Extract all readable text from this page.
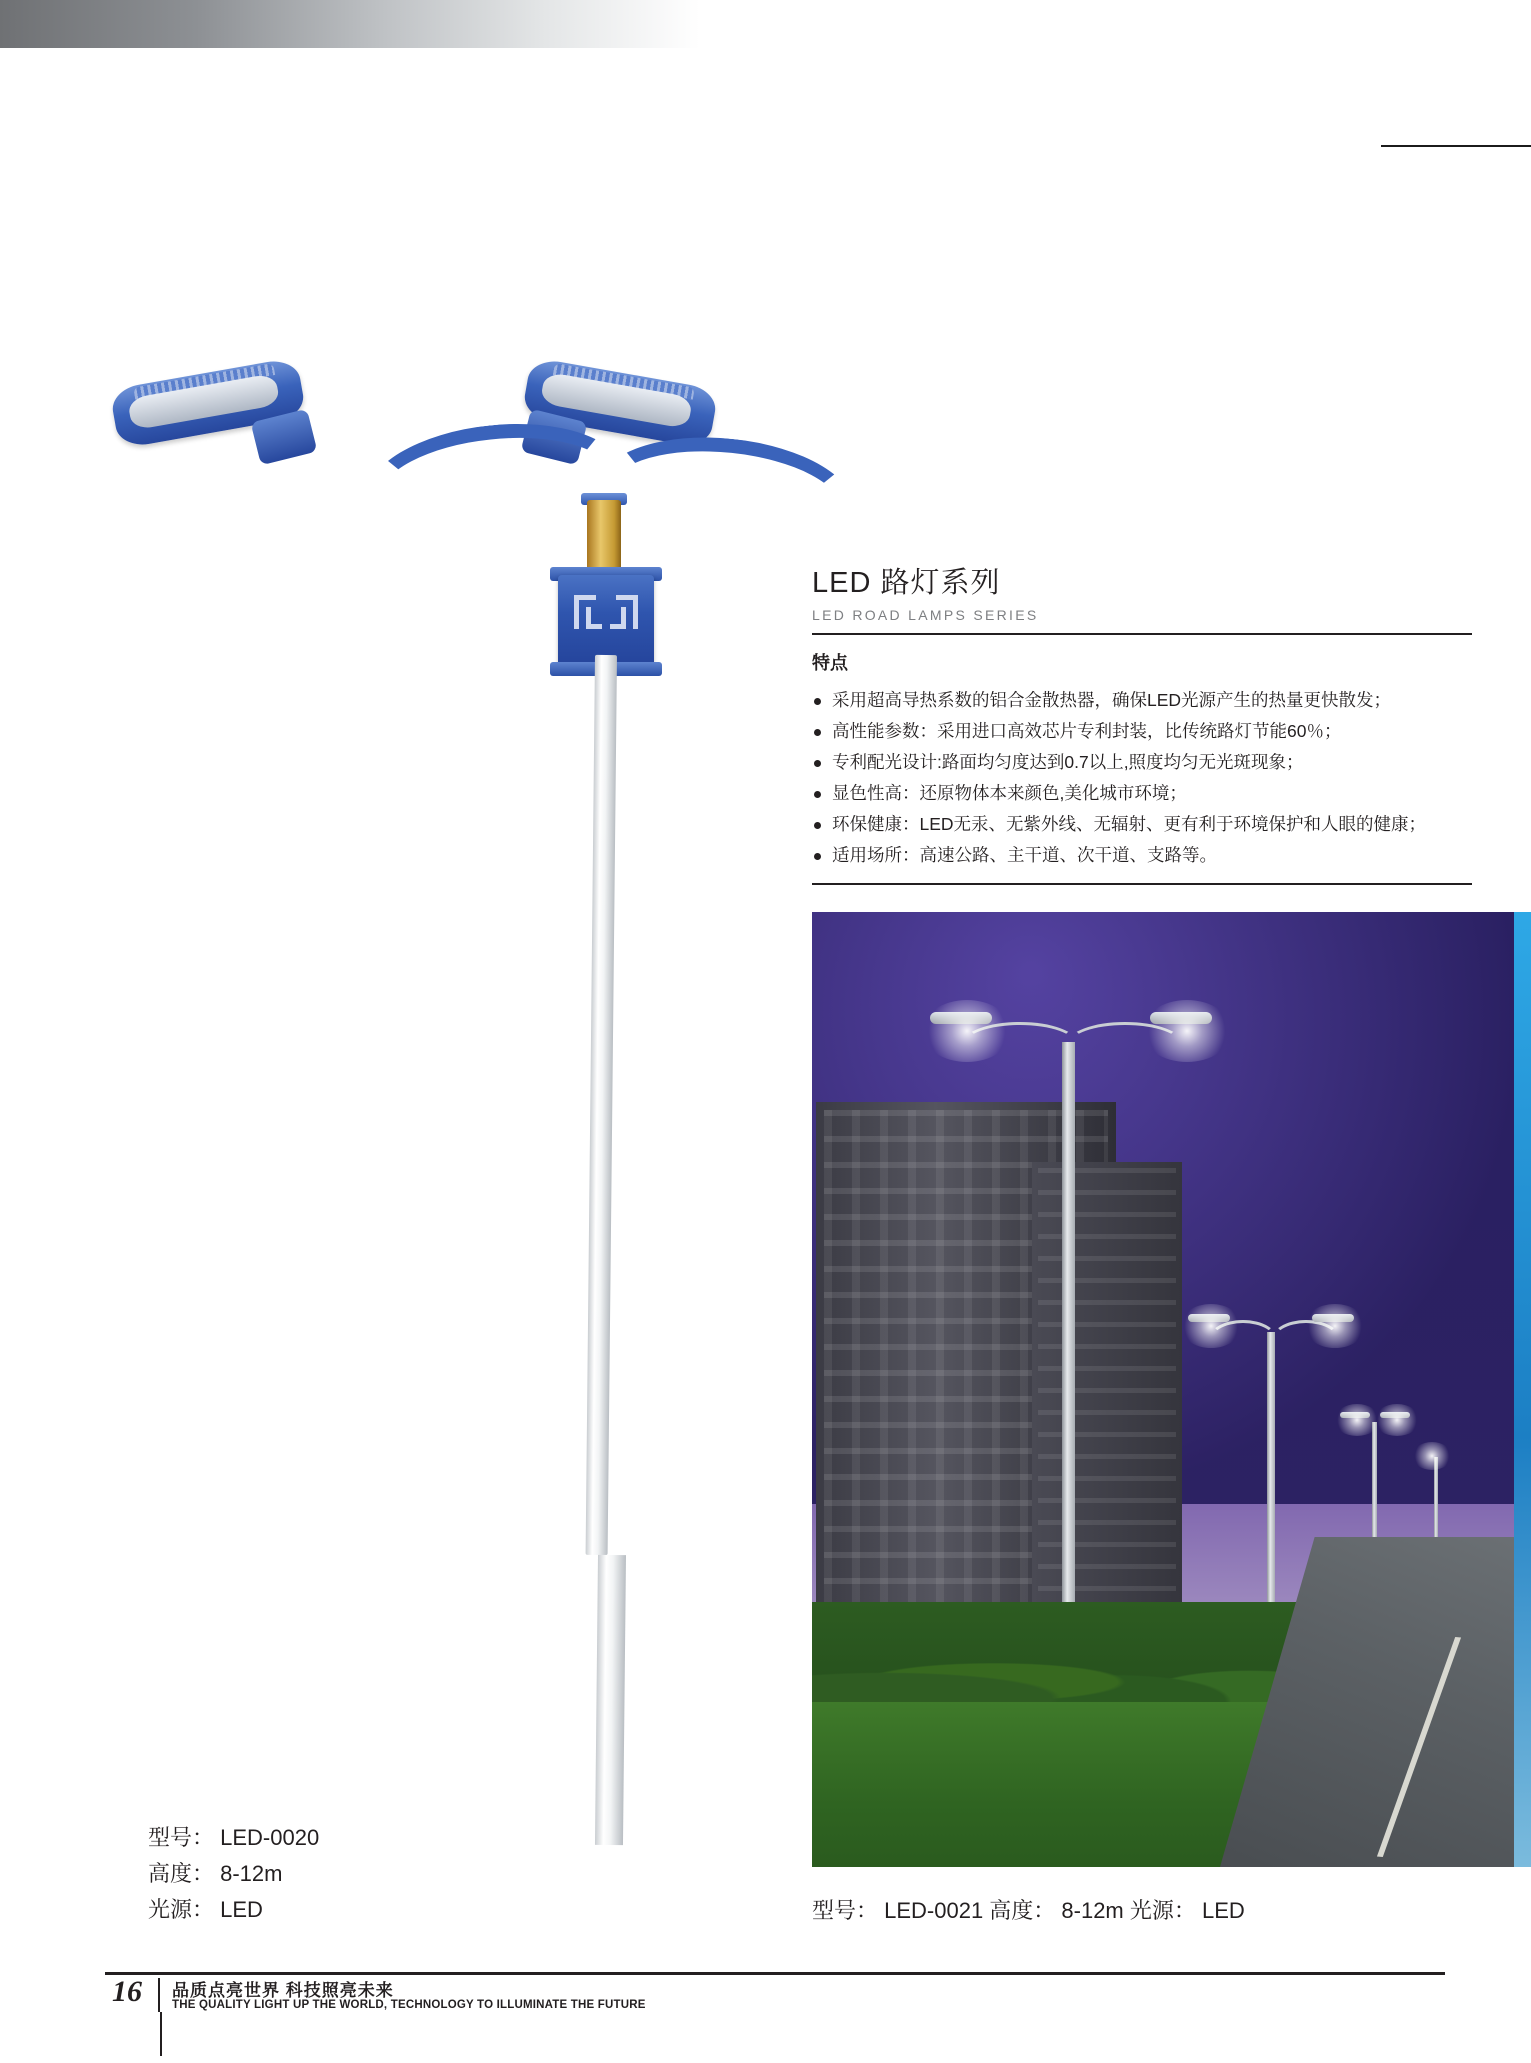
型号： LED-0020
高度： 8-12m
光源： LED
LED 路灯系列
LED ROAD LAMPS SERIES
特点
采用超高导热系数的铝合金散热器，确保LED光源产生的热量更快散发；
高性能参数：采用进口高效芯片专利封装，比传统路灯节能60％；
专利配光设计:路面均匀度达到0.7以上,照度均匀无光斑现象；
显色性高：还原物体本来颜色,美化城市环境；
环保健康：LED无汞、无紫外线、无辐射、更有利于环境保护和人眼的健康；
适用场所：高速公路、主干道、次干道、支路等。
型号： LED-0021 高度： 8-12m 光源： LED
16 品质点亮世界 科技照亮未来
THE QUALITY LIGHT UP THE WORLD, TECHNOLOGY TO ILLUMINATE THE FUTURE
